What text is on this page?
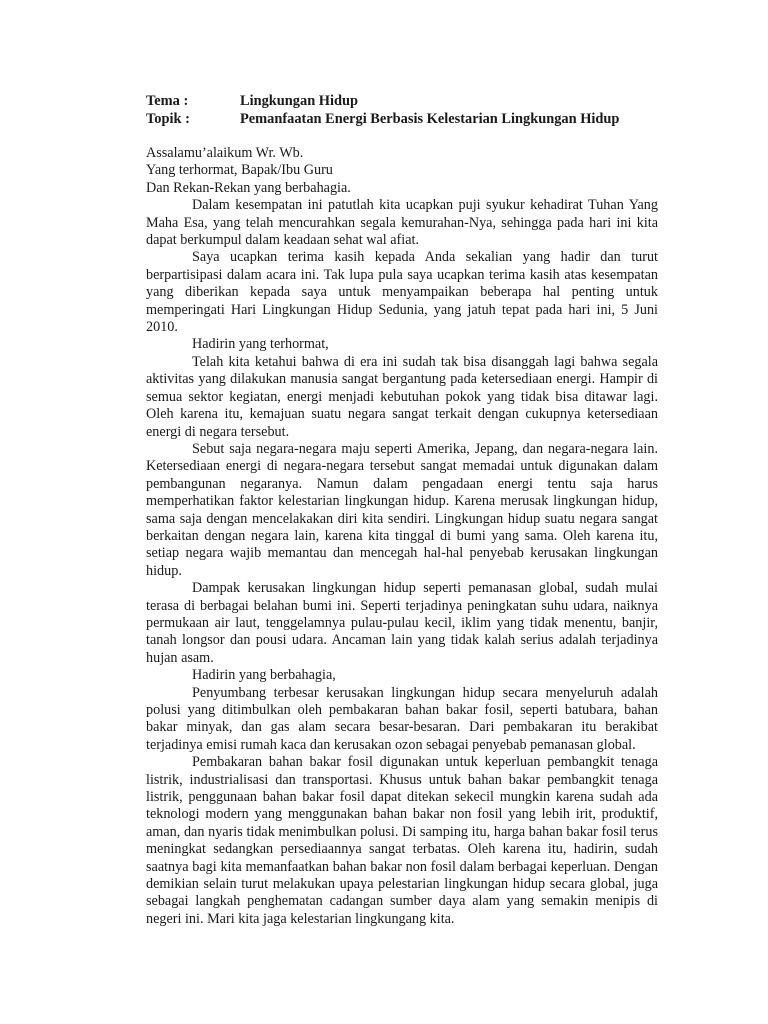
Tema :	Lingkungan Hidup
Topik :	Pemanfaatan Energi Berbasis Kelestarian Lingkungan Hidup

Assalamu’alaikum Wr. Wb.

Yang terhormat, Bapak/Ibu Guru

Dan Rekan-Rekan yang berbahagia.

Dalam kesempatan ini patutlah kita ucapkan puji syukur kehadirat Tuhan Yang Maha Esa, yang telah mencurahkan segala kemurahan-Nya, sehingga pada hari ini kita dapat berkumpul dalam keadaan sehat wal afiat.

Saya ucapkan terima kasih kepada Anda sekalian yang hadir dan turut berpartisipasi dalam acara ini. Tak lupa pula saya ucapkan terima kasih atas kesempatan yang diberikan kepada saya untuk menyampaikan beberapa hal penting untuk memperingati Hari Lingkungan Hidup Sedunia, yang jatuh tepat pada hari ini, 5 Juni 2010.

Hadirin yang terhormat,

Telah kita ketahui bahwa di era ini sudah tak bisa disanggah lagi bahwa segala aktivitas yang dilakukan manusia sangat bergantung pada ketersediaan energi. Hampir di semua sektor kegiatan, energi menjadi kebutuhan pokok yang tidak bisa ditawar lagi. Oleh karena itu, kemajuan suatu negara sangat terkait dengan cukupnya ketersediaan energi di negara tersebut.

Sebut saja negara-negara maju seperti Amerika, Jepang, dan negara-negara lain. Ketersediaan energi di negara-negara tersebut sangat memadai untuk digunakan dalam pembangunan negaranya. Namun dalam pengadaan energi tentu saja harus memperhatikan faktor kelestarian lingkungan hidup. Karena merusak lingkungan hidup, sama saja dengan mencelakakan diri kita sendiri. Lingkungan hidup suatu negara sangat berkaitan dengan negara lain, karena kita tinggal di bumi yang sama. Oleh karena itu, setiap negara wajib memantau dan mencegah hal-hal penyebab kerusakan lingkungan hidup.

Dampak kerusakan lingkungan hidup seperti pemanasan global, sudah mulai terasa di berbagai belahan bumi ini. Seperti terjadinya peningkatan suhu udara, naiknya permukaan air laut, tenggelamnya pulau-pulau kecil, iklim yang tidak menentu, banjir, tanah longsor dan pousi udara. Ancaman lain yang tidak kalah serius adalah terjadinya hujan asam.

Hadirin yang berbahagia,

Penyumbang terbesar kerusakan lingkungan hidup secara menyeluruh adalah polusi yang ditimbulkan oleh pembakaran bahan bakar fosil, seperti batubara, bahan bakar minyak, dan gas alam secara besar-besaran. Dari pembakaran itu berakibat terjadinya emisi rumah kaca dan kerusakan ozon sebagai penyebab pemanasan global.

Pembakaran bahan bakar fosil digunakan untuk keperluan pembangkit tenaga listrik, industrialisasi dan transportasi. Khusus untuk bahan bakar pembangkit tenaga listrik, penggunaan bahan bakar fosil dapat ditekan sekecil mungkin karena sudah ada teknologi modern yang menggunakan bahan bakar non fosil yang lebih irit, produktif, aman, dan nyaris tidak menimbulkan polusi. Di samping itu, harga bahan bakar fosil terus meningkat sedangkan persediaannya sangat terbatas. Oleh karena itu, hadirin, sudah saatnya bagi kita memanfaatkan bahan bakar non fosil dalam berbagai keperluan. Dengan demikian selain turut melakukan upaya pelestarian lingkungan hidup secara global, juga sebagai langkah penghematan cadangan sumber daya alam yang semakin menipis di negeri ini. Mari kita jaga kelestarian lingkungang kita.
